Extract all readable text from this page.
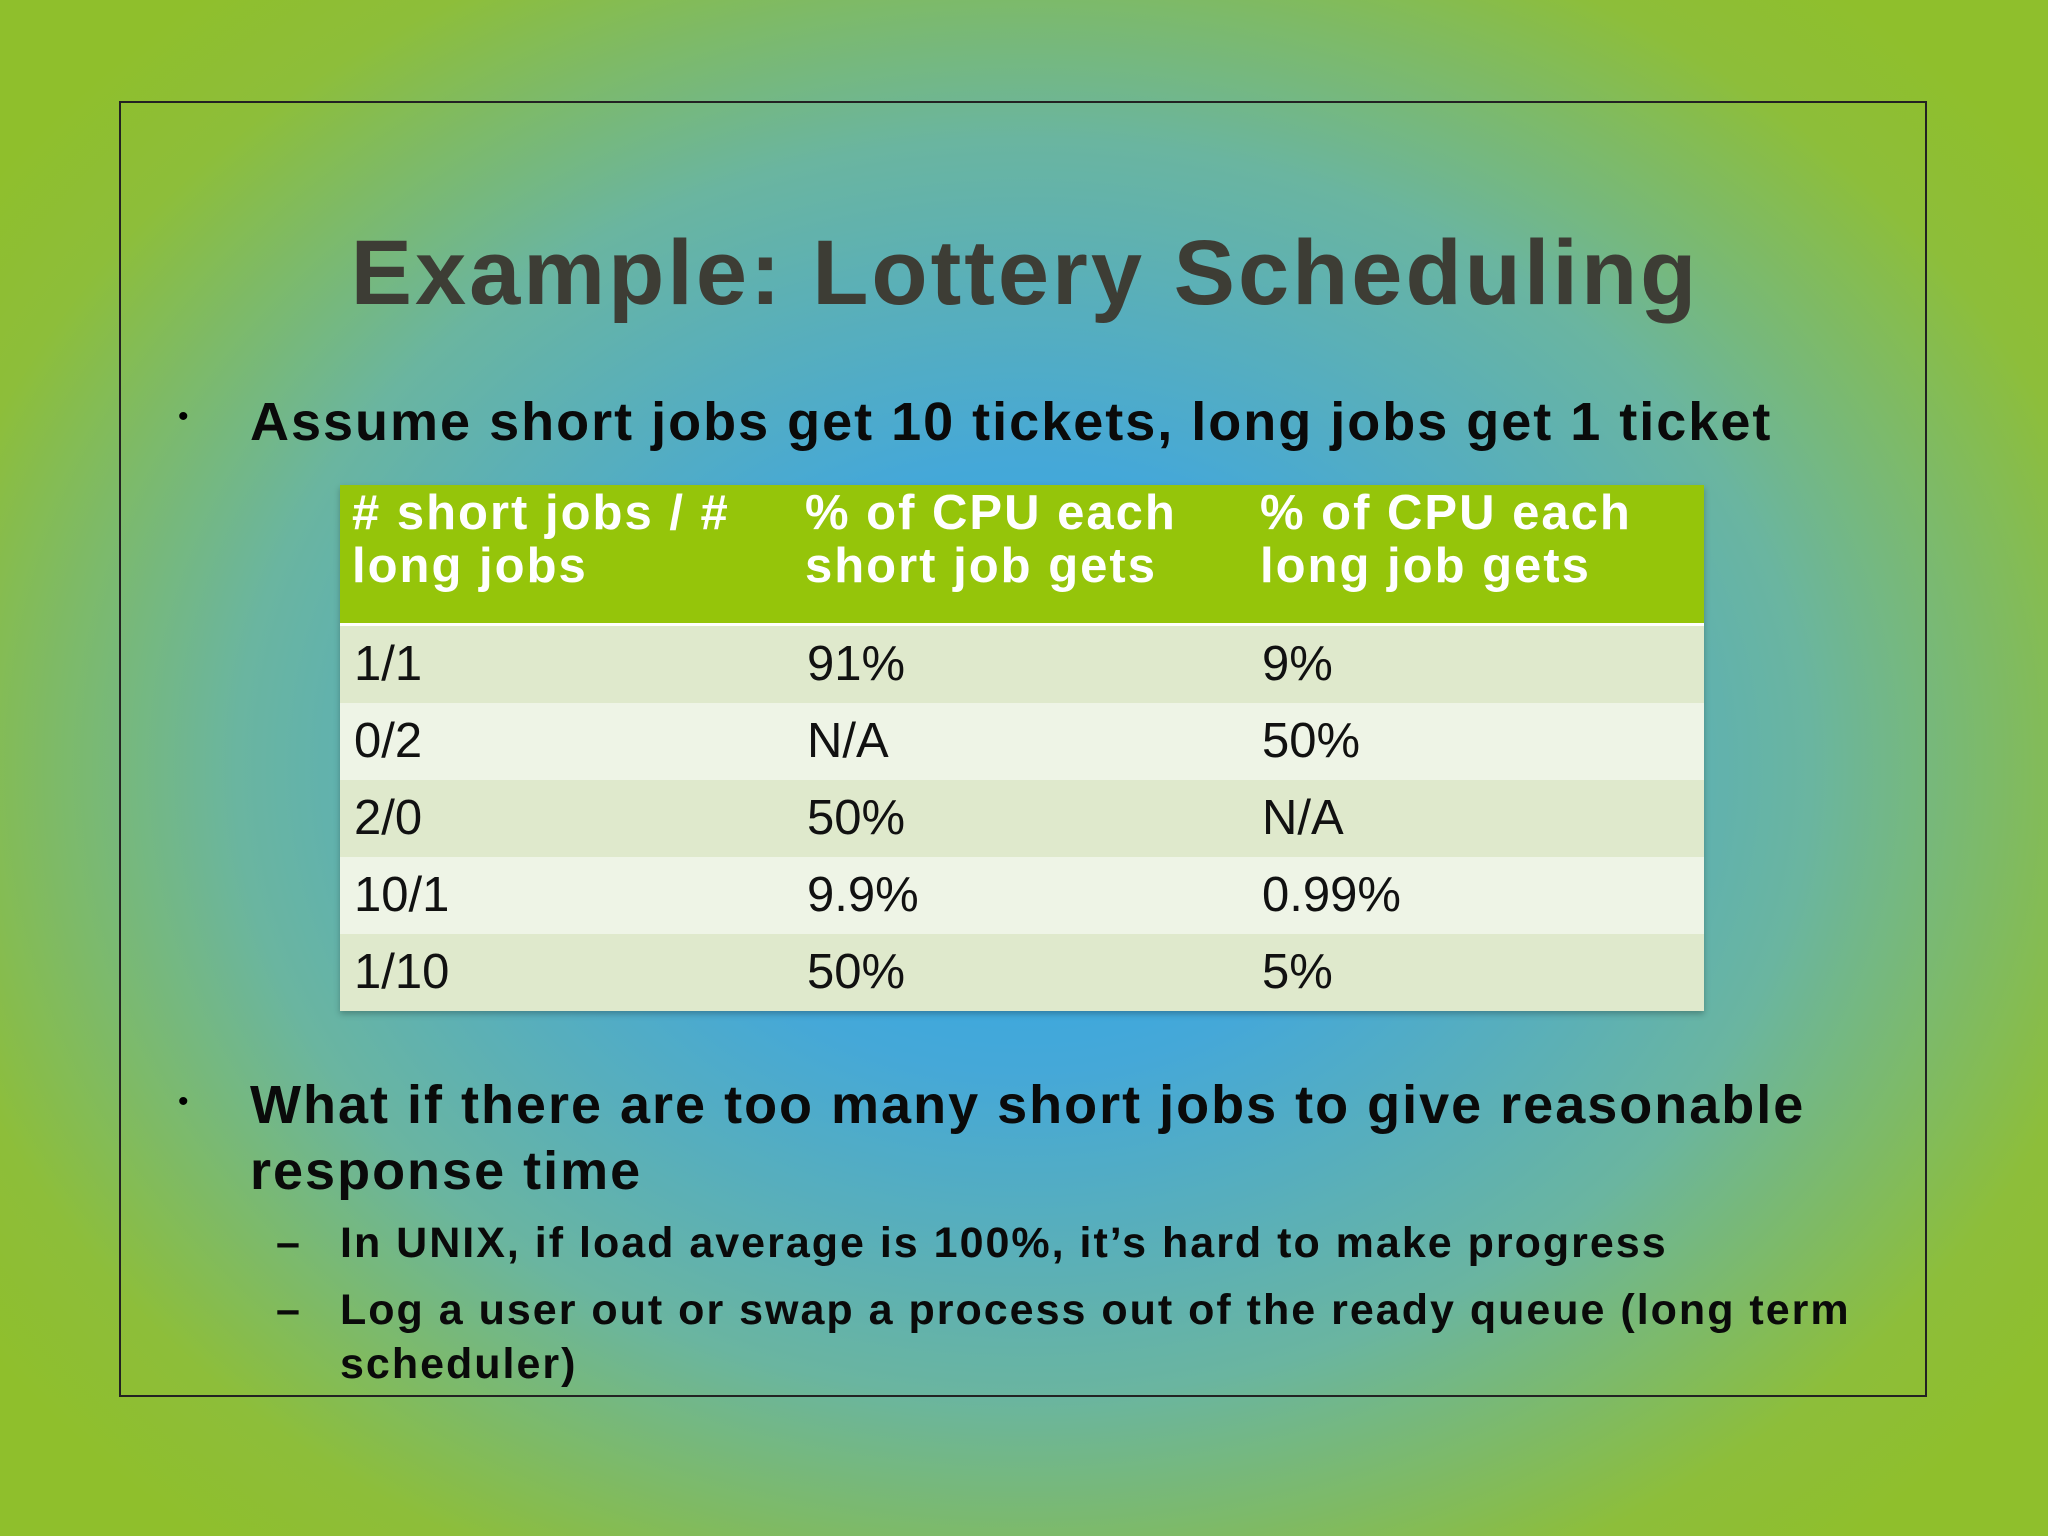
Example: Lottery Scheduling
• Assume short jobs get 10 tickets, long jobs get 1 ticket
# short jobs / # long jobs	% of CPU each short job gets	% of CPU each long job gets
1/1	91%	9%
0/2	N/A	50%
2/0	50%	N/A
10/1	9.9%	0.99%
1/10	50%	5%
• What if there are too many short jobs to give reasonable response time
– In UNIX, if load average is 100%, it’s hard to make progress
– Log a user out or swap a process out of the ready queue (long term scheduler)
